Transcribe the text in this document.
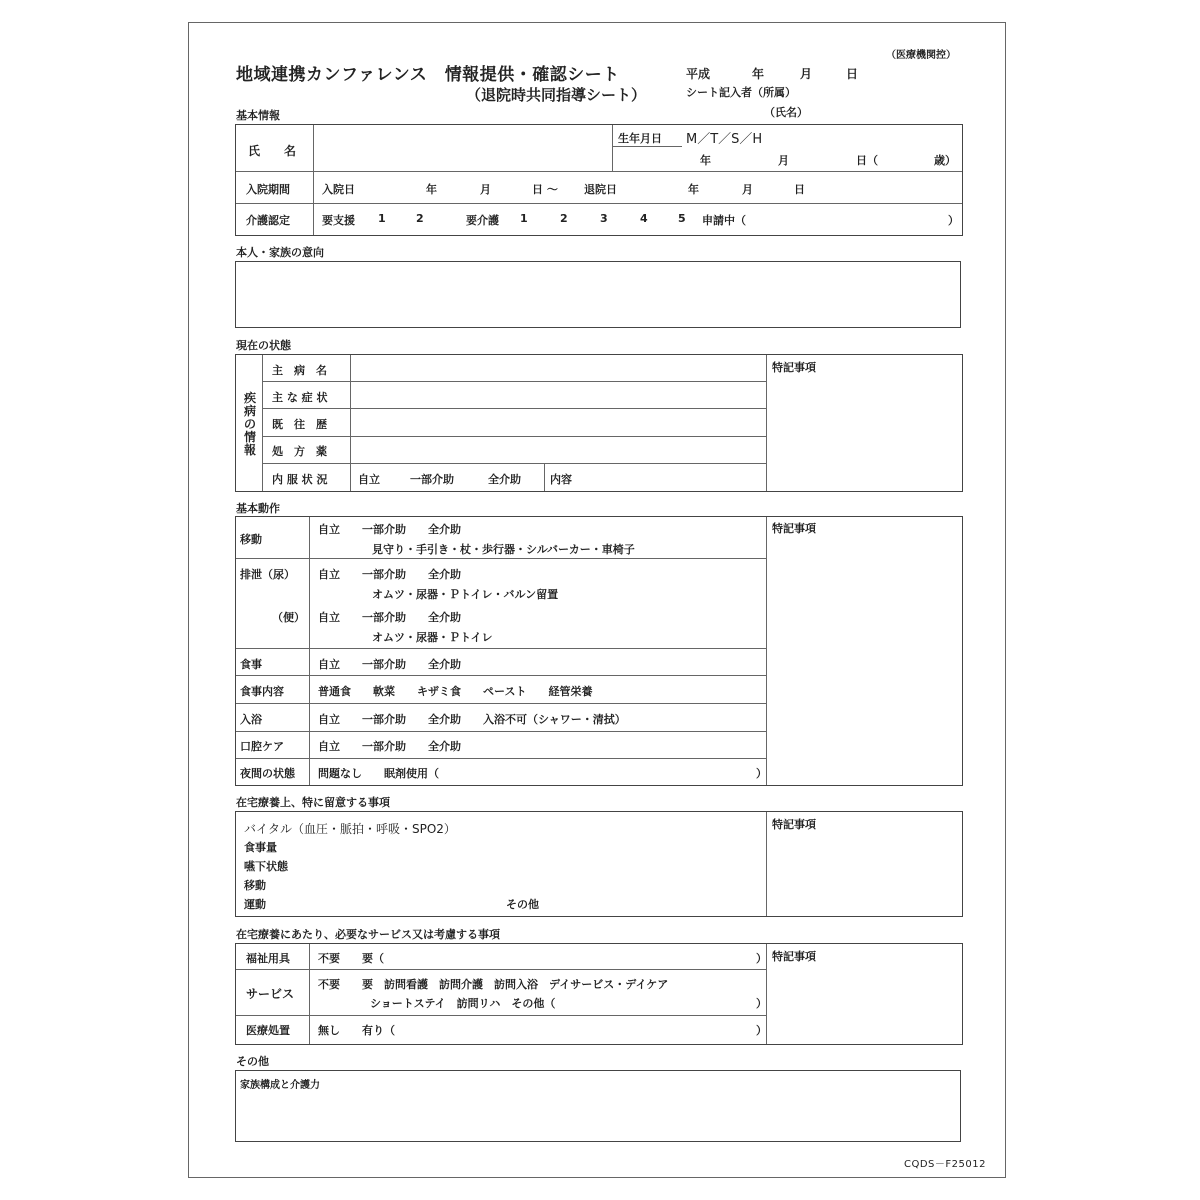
（医療機関控）
地域連携カンファレンス　情報提供・確認シート
（退院時共同指導シート）
平成	年	月	日
シート記入者（所属）
（氏名）
基本情報
氏　　名
生年月日 M／T／S／H
年	月	日（	歳）
入院期間	入院日	年	月	日 ～ 退院日	年	月	日
介護認定	要支援 1	2	要介護 1	2	3	4	5 申請中（	）
本人・家族の意向
現在の状態
疾病の情報
主　病　名
主 な 症 状
既　往　歴
処　方　薬
内 服 状 況	自立	一部介助	全介助	内容
特記事項
基本動作
移動
自立　　一部介助　　全介助
見守り・手引き・杖・歩行器・シルバーカー・車椅子
排泄（尿） 自立　　一部介助　　全介助
オムツ・尿器・Ｐトイレ・バルン留置
（便） 自立　　一部介助　　全介助
オムツ・尿器・Ｐトイレ
食事	自立　　一部介助　　全介助
食事内容	普通食　　軟菜　　キザミ食　　ペースト　　経管栄養
入浴	自立　　一部介助　　全介助　　入浴不可（シャワー・清拭）
口腔ケア	自立　　一部介助　　全介助
夜間の状態 問題なし　　眠剤使用（	）
特記事項
在宅療養上、特に留意する事項
バイタル（血圧・脈拍・呼吸・SPO2）
食事量
嚥下状態
移動
運動	その他
特記事項
在宅療養にあたり、必要なサービス又は考慮する事項
福祉用具	不要　　要（	）
サービス
不要　　要　訪問看護　訪問介護　訪問入浴　デイサービス・デイケア
ショートステイ　訪問リハ　その他（	）
医療処置	無し　　有り（	）
特記事項
その他
家族構成と介護力
CQDS－F25012
